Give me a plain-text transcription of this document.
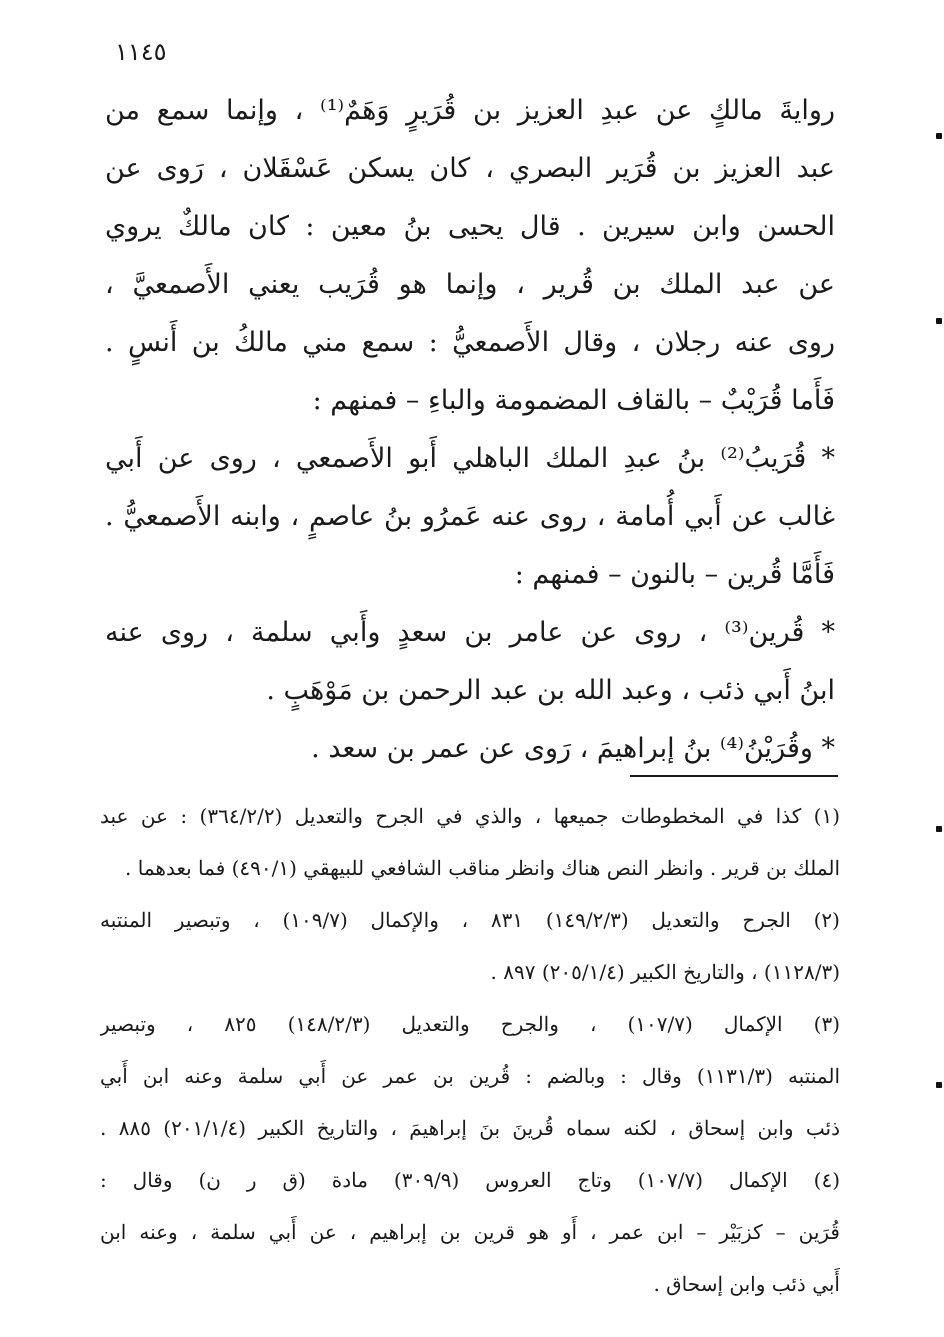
١١٤٥
روايةَ مالكٍ عن عبدِ العزيز بن قُرَيرٍ وَهَمٌ⁽¹⁾ ، وإنما سمع من
عبد العزيز بن قُرَير البصري ، كان يسكن عَسْقَلان ، رَوى عن
الحسن وابن سيرين . قال يحيى بنُ معين : كان مالكٌ يروي
عن عبد الملك بن قُرير ، وإنما هو قُرَيب يعني الأَصمعيَّ ،
روى عنه رجلان ، وقال الأَصمعيُّ : سمع مني مالكُ بن أَنسٍ .
فَأَما قُرَيْبٌ – بالقاف المضمومة والباءِ – فمنهم :
* قُرَيبُ⁽²⁾ بنُ عبدِ الملك الباهلي أَبو الأَصمعي ، روى عن أَبي
غالب عن أَبي أُمامة ، روى عنه عَمرُو بنُ عاصمٍ ، وابنه الأَصمعيُّ .
فَأَمَّا قُرين – بالنون – فمنهم :
* قُرين⁽³⁾ ، روى عن عامر بن سعدٍ وأَبي سلمة ، روى عنه
ابنُ أَبي ذئب ، وعبد الله بن عبد الرحمن بن مَوْهَبٍ .
* وقُرَيْنُ⁽⁴⁾ بنُ إبراهيمَ ، رَوى عن عمر بن سعد .
(١) كذا في المخطوطات جميعها ، والذي في الجرح والتعديل (٣٦٤/٢/٢) : عن عبد
الملك بن قرير . وانظر النص هناك وانظر مناقب الشافعي للبيهقي (٤٩٠/١) فما بعدهما .
(٢) الجرح والتعديل (١٤٩/٢/٣) ٨٣١ ، والإكمال (١٠٩/٧) ، وتبصير المنتبه
(١١٢٨/٣) ، والتاريخ الكبير (٢٠٥/١/٤) ٨٩٧ .
(٣) الإكمال (١٠٧/٧) ، والجرح والتعديل (١٤٨/٢/٣) ٨٢٥ ، وتبصير
المنتبه (١١٣١/٣) وقال : وبالضم : قُرين بن عمر عن أَبي سلمة وعنه ابن أَبي
ذئب وابن إسحاق ، لكنه سماه قُرينَ بنَ إبراهيمَ ، والتاريخ الكبير (٢٠١/١/٤) ٨٨٥ .
(٤) الإكمال (١٠٧/٧) وتاج العروس (٣٠٩/٩) مادة (ق ر ن) وقال :
قُرَين – كزبَيْر – ابن عمر ، أَو هو قرين بن إبراهيم ، عن أَبي سلمة ، وعنه ابن
أَبي ذئب وابن إسحاق .
